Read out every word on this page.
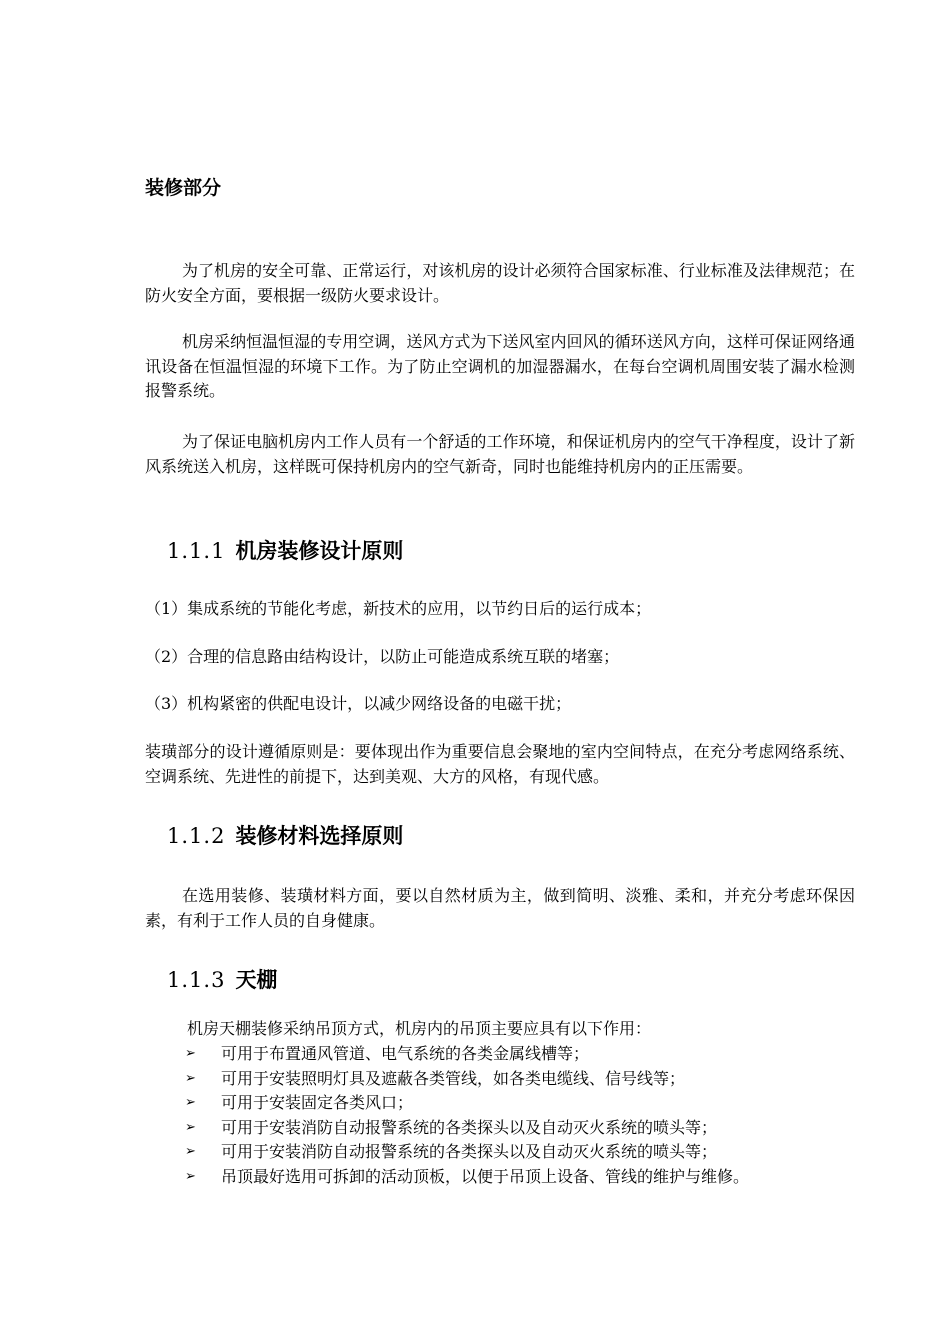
装修部分

为了机房的安全可靠、正常运行，对该机房的设计必须符合国家标准、行业标准及法律规范；在防火安全方面，要根据一级防火要求设计。

机房采纳恒温恒湿的专用空调，送风方式为下送风室内回风的循环送风方向，这样可保证网络通讯设备在恒温恒湿的环境下工作。为了防止空调机的加湿器漏水，在每台空调机周围安装了漏水检测报警系统。

为了保证电脑机房内工作人员有一个舒适的工作环境，和保证机房内的空气干净程度，设计了新风系统送入机房，这样既可保持机房内的空气新奇，同时也能维持机房内的正压需要。

1.1.1 机房装修设计原则

（1）集成系统的节能化考虑，新技术的应用，以节约日后的运行成本；

（2）合理的信息路由结构设计，以防止可能造成系统互联的堵塞；

（3）机构紧密的供配电设计，以减少网络设备的电磁干扰；

装璜部分的设计遵循原则是：要体现出作为重要信息会聚地的室内空间特点，在充分考虑网络系统、空调系统、先进性的前提下，达到美观、大方的风格，有现代感。

1.1.2 装修材料选择原则

在选用装修、装璜材料方面，要以自然材质为主，做到简明、淡雅、柔和，并充分考虑环保因素，有利于工作人员的自身健康。

1.1.3 天棚

机房天棚装修采纳吊顶方式，机房内的吊顶主要应具有以下作用：

➢	可用于布置通风管道、电气系统的各类金属线槽等；
➢	可用于安装照明灯具及遮蔽各类管线，如各类电缆线、信号线等；
➢	可用于安装固定各类风口；
➢	可用于安装消防自动报警系统的各类探头以及自动灭火系统的喷头等；
➢	可用于安装消防自动报警系统的各类探头以及自动灭火系统的喷头等；
➢	吊顶最好选用可拆卸的活动顶板，以便于吊顶上设备、管线的维护与维修。
